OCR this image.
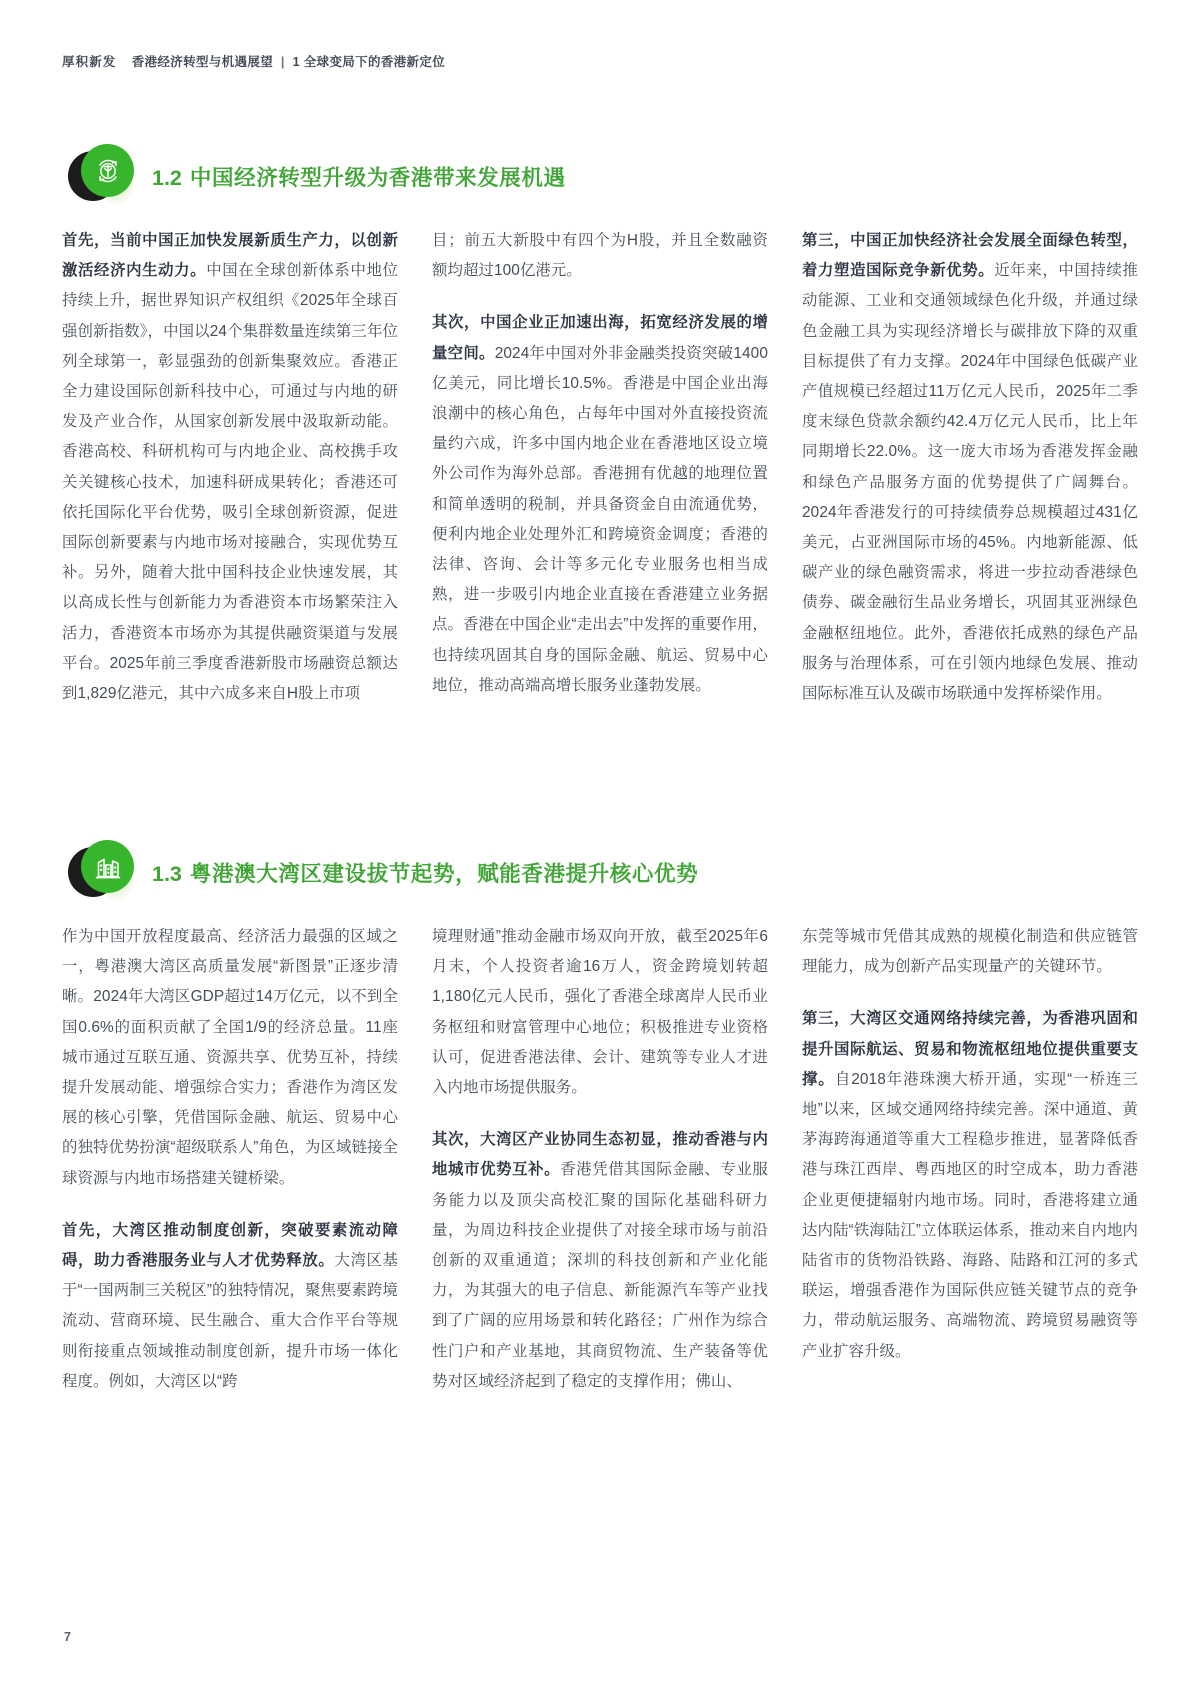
厚积新发 香港经济转型与机遇展望 | 1 全球变局下的香港新定位
1.2 中国经济转型升级为香港带来发展机遇

首先，当前中国正加快发展新质生产力，以创新激活经济内生动力。中国在全球创新体系中地位持续上升，据世界知识产权组织《2025年全球百强创新指数》，中国以24个集群数量连续第三年位列全球第一，彰显强劲的创新集聚效应。香港正全力建设国际创新科技中心，可通过与内地的研发及产业合作，从国家创新发展中汲取新动能。香港高校、科研机构可与内地企业、高校携手攻关关键核心技术，加速科研成果转化；香港还可依托国际化平台优势，吸引全球创新资源，促进国际创新要素与内地市场对接融合，实现优势互补。另外，随着大批中国科技企业快速发展，其以高成长性与创新能力为香港资本市场繁荣注入活力，香港资本市场亦为其提供融资渠道与发展平台。2025年前三季度香港新股市场融资总额达到1,829亿港元，其中六成多来自H股上市项

目；前五大新股中有四个为H股，并且全数融资额均超过100亿港元。

其次，中国企业正加速出海，拓宽经济发展的增量空间。2024年中国对外非金融类投资突破1400亿美元，同比增长10.5%。香港是中国企业出海浪潮中的核心角色，占每年中国对外直接投资流量约六成，许多中国内地企业在香港地区设立境外公司作为海外总部。香港拥有优越的地理位置和简单透明的税制，并具备资金自由流通优势，便利内地企业处理外汇和跨境资金调度；香港的法律、咨询、会计等多元化专业服务也相当成熟，进一步吸引内地企业直接在香港建立业务据点。香港在中国企业“走出去”中发挥的重要作用，也持续巩固其自身的国际金融、航运、贸易中心地位，推动高端高增长服务业蓬勃发展。

第三，中国正加快经济社会发展全面绿色转型，着力塑造国际竞争新优势。近年来，中国持续推动能源、工业和交通领域绿色化升级，并通过绿色金融工具为实现经济增长与碳排放下降的双重目标提供了有力支撑。2024年中国绿色低碳产业产值规模已经超过11万亿元人民币，2025年二季度末绿色贷款余额约42.4万亿元人民币，比上年同期增长22.0%。这一庞大市场为香港发挥金融和绿色产品服务方面的优势提供了广阔舞台。2024年香港发行的可持续债券总规模超过431亿美元，占亚洲国际市场的45%。内地新能源、低碳产业的绿色融资需求，将进一步拉动香港绿色债券、碳金融衍生品业务增长，巩固其亚洲绿色金融枢纽地位。此外，香港依托成熟的绿色产品服务与治理体系，可在引领内地绿色发展、推动国际标准互认及碳市场联通中发挥桥梁作用。

1.3 粤港澳大湾区建设拔节起势，赋能香港提升核心优势

作为中国开放程度最高、经济活力最强的区域之一，粤港澳大湾区高质量发展“新图景”正逐步清晰。2024年大湾区GDP超过14万亿元，以不到全国0.6%的面积贡献了全国1/9的经济总量。11座城市通过互联互通、资源共享、优势互补，持续提升发展动能、增强综合实力；香港作为湾区发展的核心引擎，凭借国际金融、航运、贸易中心的独特优势扮演“超级联系人”角色，为区域链接全球资源与内地市场搭建关键桥梁。

首先，大湾区推动制度创新，突破要素流动障碍，助力香港服务业与人才优势释放。大湾区基于“一国两制三关税区”的独特情况，聚焦要素跨境流动、营商环境、民生融合、重大合作平台等规则衔接重点领域推动制度创新，提升市场一体化程度。例如，大湾区以“跨

境理财通”推动金融市场双向开放，截至2025年6月末，个人投资者逾16万人，资金跨境划转超1,180亿元人民币，强化了香港全球离岸人民币业务枢纽和财富管理中心地位；积极推进专业资格认可，促进香港法律、会计、建筑等专业人才进入内地市场提供服务。

其次，大湾区产业协同生态初显，推动香港与内地城市优势互补。香港凭借其国际金融、专业服务能力以及顶尖高校汇聚的国际化基础科研力量，为周边科技企业提供了对接全球市场与前沿创新的双重通道；深圳的科技创新和产业化能力，为其强大的电子信息、新能源汽车等产业找到了广阔的应用场景和转化路径；广州作为综合性门户和产业基地，其商贸物流、生产装备等优势对区域经济起到了稳定的支撑作用；佛山、

东莞等城市凭借其成熟的规模化制造和供应链管理能力，成为创新产品实现量产的关键环节。

第三，大湾区交通网络持续完善，为香港巩固和提升国际航运、贸易和物流枢纽地位提供重要支撑。自2018年港珠澳大桥开通，实现“一桥连三地”以来，区域交通网络持续完善。深中通道、黄茅海跨海通道等重大工程稳步推进，显著降低香港与珠江西岸、粤西地区的时空成本，助力香港企业更便捷辐射内地市场。同时，香港将建立通达内陆“铁海陆江”立体联运体系，推动来自内地内陆省市的货物沿铁路、海路、陆路和江河的多式联运，增强香港作为国际供应链关键节点的竞争力，带动航运服务、高端物流、跨境贸易融资等产业扩容升级。

7
